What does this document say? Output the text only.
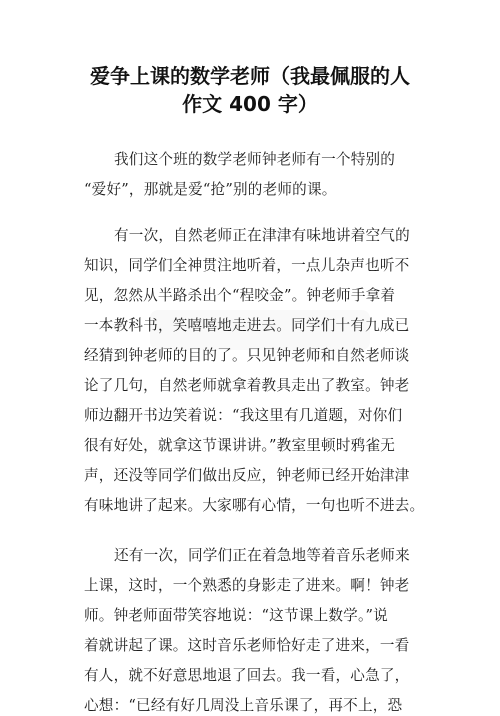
爱争上课的数学老师（我最佩服的人
作文 400 字）
我们这个班的数学老师钟老师有一个特别的
“爱好”，那就是爱“抢”别的老师的课。
有一次，自然老师正在津津有味地讲着空气的
知识，同学们全神贯注地听着，一点儿杂声也听不
见，忽然从半路杀出个“程咬金”。钟老师手拿着
一本教科书，笑嘻嘻地走进去。同学们十有九成已
经猜到钟老师的目的了。只见钟老师和自然老师谈
论了几句，自然老师就拿着教具走出了教室。钟老
师边翻开书边笑着说：“我这里有几道题，对你们
很有好处，就拿这节课讲讲。”教室里顿时鸦雀无
声，还没等同学们做出反应，钟老师已经开始津津
有味地讲了起来。大家哪有心情，一句也听不进去。
还有一次，同学们正在着急地等着音乐老师来
上课，这时，一个熟悉的身影走了进来。啊！钟老
师。钟老师面带笑容地说：“这节课上数学。”说
着就讲起了课。这时音乐老师恰好走了进来，一看
有人，就不好意思地退了回去。我一看，心急了，
心想：“已经有好几周没上音乐课了，再不上，恐
